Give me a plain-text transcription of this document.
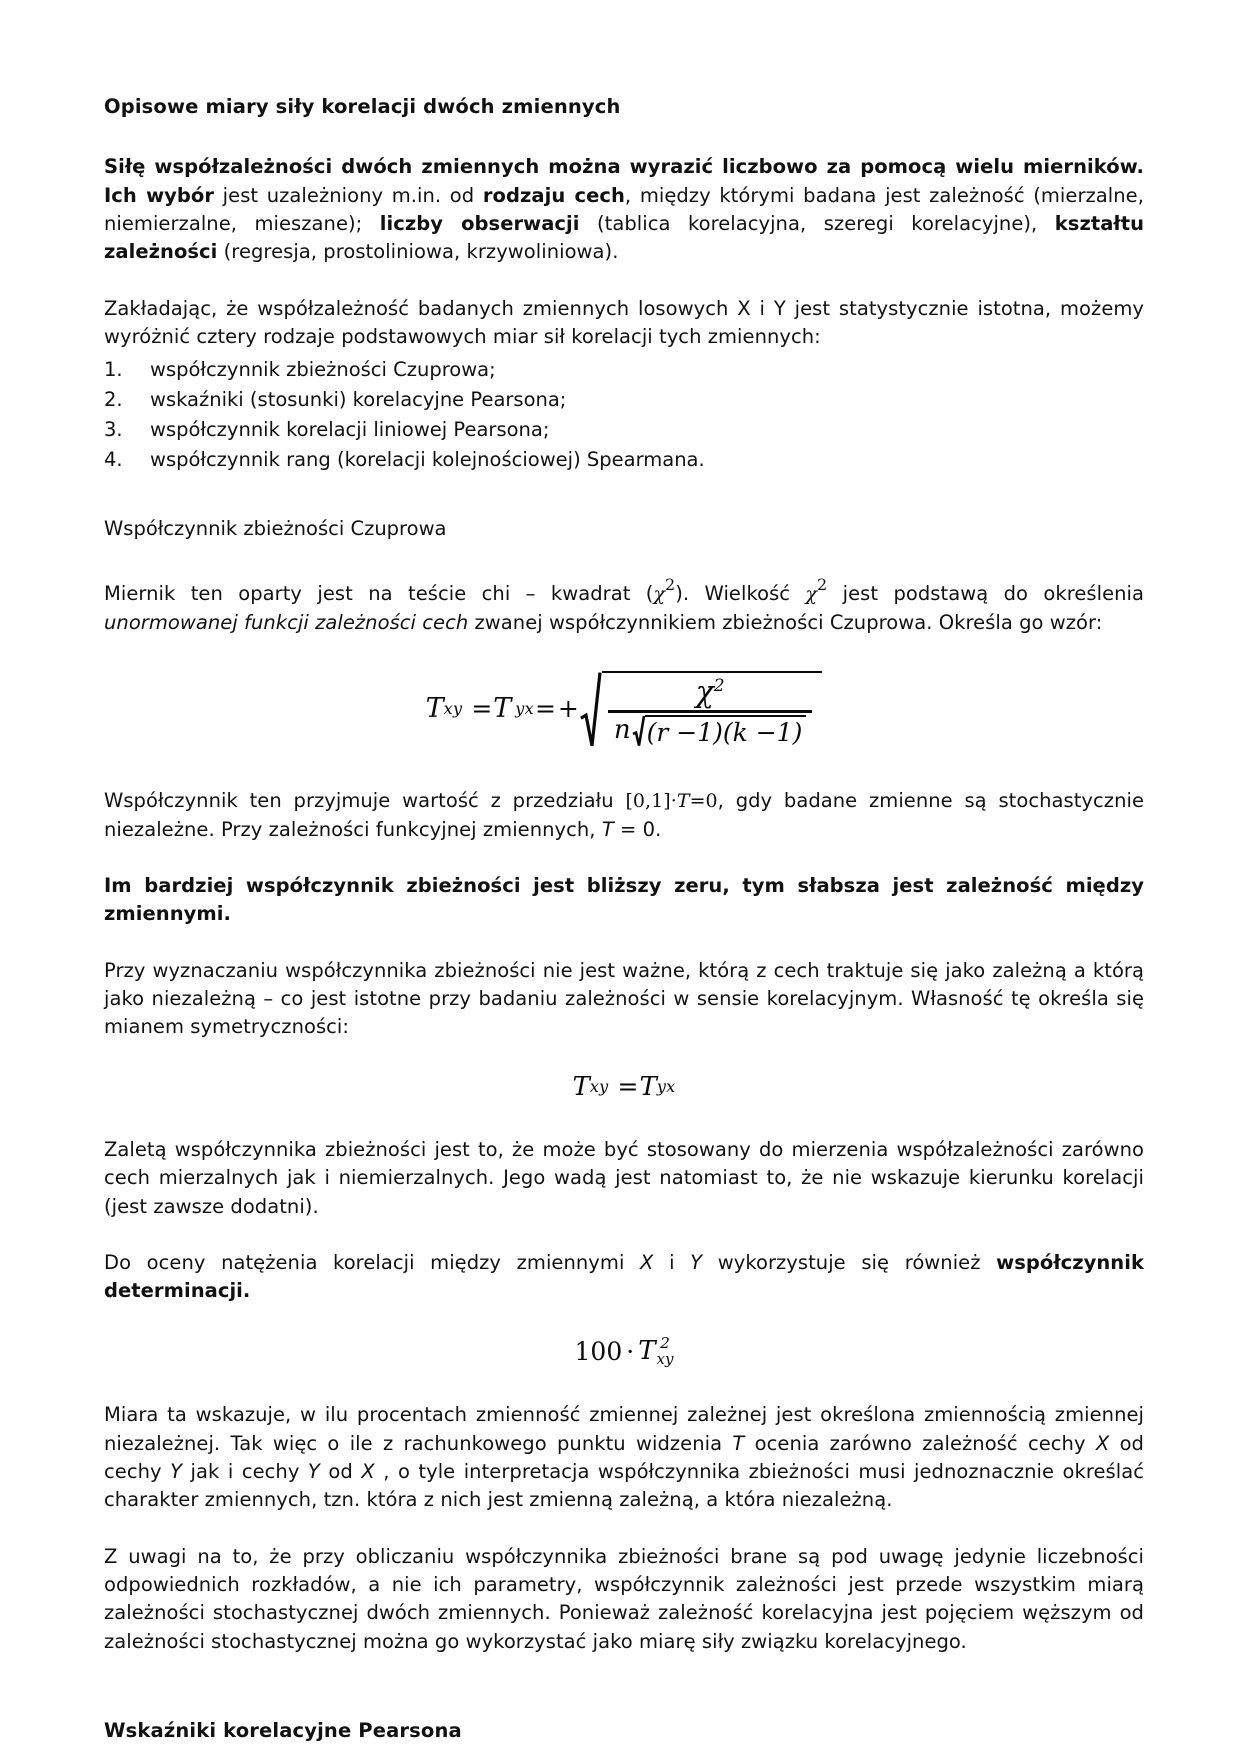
Opisowe miary siły korelacji dwóch zmiennych

Siłę współzależności dwóch zmiennych można wyrazić liczbowo za pomocą wielu mierników. Ich wybór jest uzależniony m.in. od rodzaju cech, między którymi badana jest zależność (mierzalne, niemierzalne, mieszane); liczby obserwacji (tablica korelacyjna, szeregi korelacyjne), kształtu zależności (regresja, prostoliniowa, krzywoliniowa).

Zakładając, że współzależność badanych zmiennych losowych X i Y jest statystycznie istotna, możemy wyróżnić cztery rodzaje podstawowych miar sił korelacji tych zmiennych:

1. współczynnik zbieżności Czuprowa;
2. wskaźniki (stosunki) korelacyjne Pearsona;
3. współczynnik korelacji liniowej Pearsona;
4. współczynnik rang (korelacji kolejnościowej) Spearmana.

Współczynnik zbieżności Czuprowa

Miernik ten oparty jest na teście chi – kwadrat $(\chi^2)$. Wielkość $\chi^2$ jest podstawą do określenia unormowanej funkcji zależności cech zwanej współczynnikiem zbieżności Czuprowa. Określa go wzór:

T xy = T yx = + $\frac{\chi 2}{n (r -1)(k -1)}$

Współczynnik ten przyjmuje wartość z przedziału [0,1]·T=0, gdy badane zmienne są stochastycznie niezależne. Przy zależności funkcyjnej zmiennych, T = 0.

Im bardziej współczynnik zbieżności jest bliższy zeru, tym słabsza jest zależność między zmiennymi.

Przy wyznaczaniu współczynnika zbieżności nie jest ważne, którą z cech traktuje się jako zależną a którą jako niezależną – co jest istotne przy badaniu zależności w sensie korelacyjnym. Własność tę określa się mianem symetryczności:

T xy = T yx

Zaletą współczynnika zbieżności jest to, że może być stosowany do mierzenia współzależności zarówno cech mierzalnych jak i niemierzalnych. Jego wadą jest natomiast to, że nie wskazuje kierunku korelacji (jest zawsze dodatni).

Do oceny natężenia korelacji między zmiennymi X i Y wykorzystuje się również współczynnik determinacji.

100 · T 2
xy

Miara ta wskazuje, w ilu procentach zmienność zmiennej zależnej jest określona zmiennością zmiennej niezależnej. Tak więc o ile z rachunkowego punktu widzenia T ocenia zarówno zależność cechy X od cechy Y jak i cechy Y od X , o tyle interpretacja współczynnika zbieżności musi jednoznacznie określać charakter zmiennych, tzn. która z nich jest zmienną zależną, a która niezależną.

Z uwagi na to, że przy obliczaniu współczynnika zbieżności brane są pod uwagę jedynie liczebności odpowiednich rozkładów, a nie ich parametry, współczynnik zależności jest przede wszystkim miarą zależności stochastycznej dwóch zmiennych. Ponieważ zależność korelacyjna jest pojęciem węższym od zależności stochastycznej można go wykorzystać jako miarę siły związku korelacyjnego.

Wskaźniki korelacyjne Pearsona
